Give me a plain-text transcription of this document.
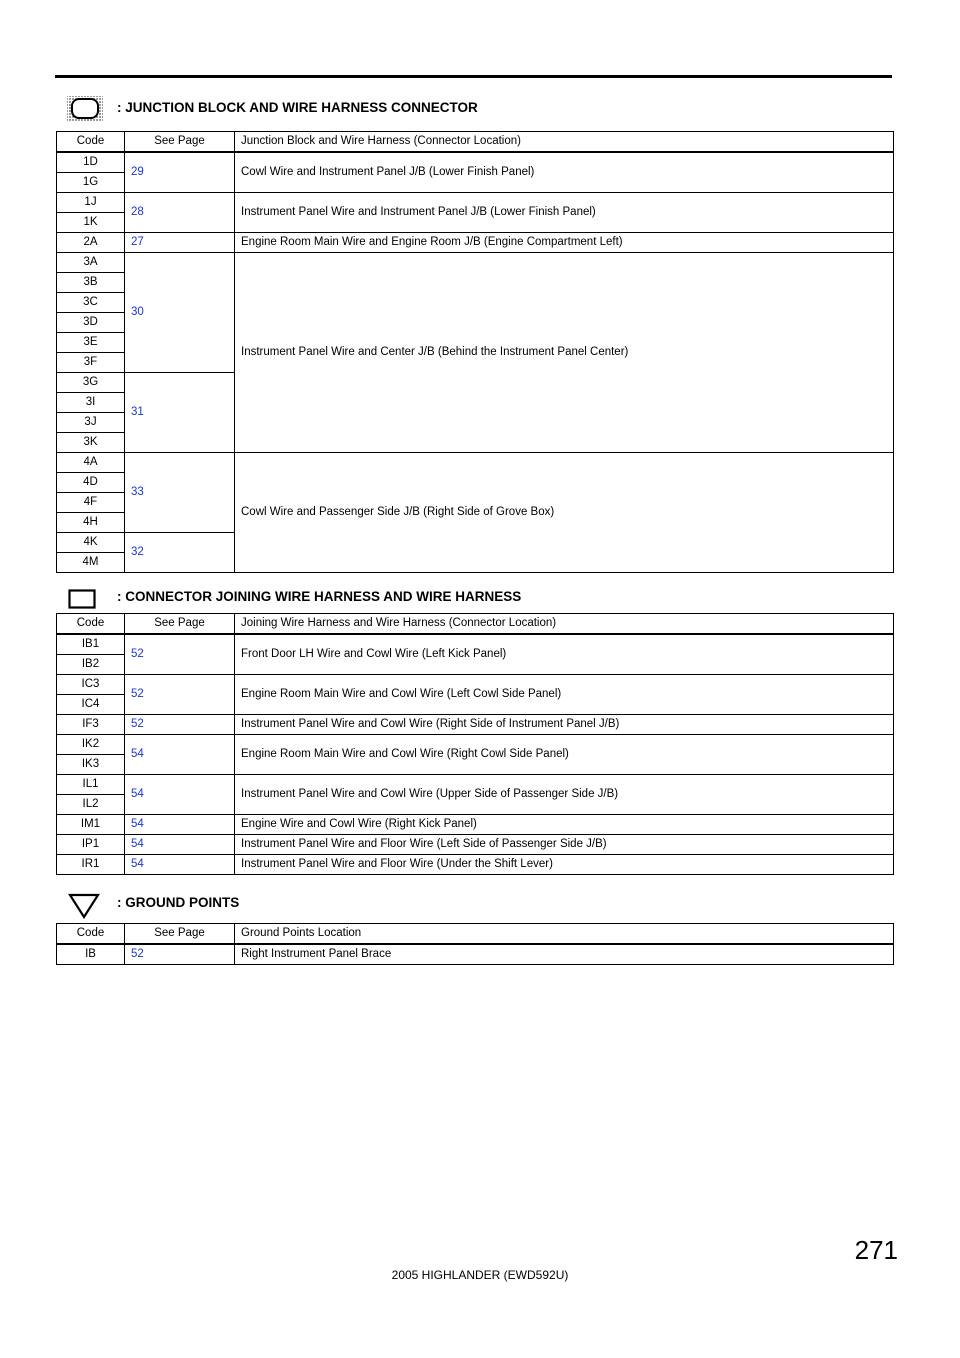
: JUNCTION BLOCK AND WIRE HARNESS CONNECTOR
Code	See Page	Junction Block and Wire Harness (Connector Location)
1D	29	Cowl Wire and Instrument Panel J/B (Lower Finish Panel)
1G		
1J	28	Instrument Panel Wire and Instrument Panel J/B (Lower Finish Panel)
1K		
2A	27	Engine Room Main Wire and Engine Room J/B (Engine Compartment Left)
3A	30	Instrument Panel Wire and Center J/B (Behind the Instrument Panel Center)
3B		
3C		
3D		
3E		
3F		
3G	31	
3I		
3J		
3K		
4A	33	Cowl Wire and Passenger Side J/B (Right Side of Grove Box)
4D		
4F		
4H		
4K	32	
4M		
: CONNECTOR JOINING WIRE HARNESS AND WIRE HARNESS
Code	See Page	Joining Wire Harness and Wire Harness (Connector Location)
IB1	52	Front Door LH Wire and Cowl Wire (Left Kick Panel)
IB2		
IC3	52	Engine Room Main Wire and Cowl Wire (Left Cowl Side Panel)
IC4		
IF3	52	Instrument Panel Wire and Cowl Wire (Right Side of Instrument Panel J/B)
IK2	54	Engine Room Main Wire and Cowl Wire (Right Cowl Side Panel)
IK3		
IL1	54	Instrument Panel Wire and Cowl Wire (Upper Side of Passenger Side J/B)
IL2		
IM1	54	Engine Wire and Cowl Wire (Right Kick Panel)
IP1	54	Instrument Panel Wire and Floor Wire (Left Side of Passenger Side J/B)
IR1	54	Instrument Panel Wire and Floor Wire (Under the Shift Lever)
: GROUND POINTS
Code	See Page	Ground Points Location
IB	52	Right Instrument Panel Brace
271
2005 HIGHLANDER (EWD592U)
